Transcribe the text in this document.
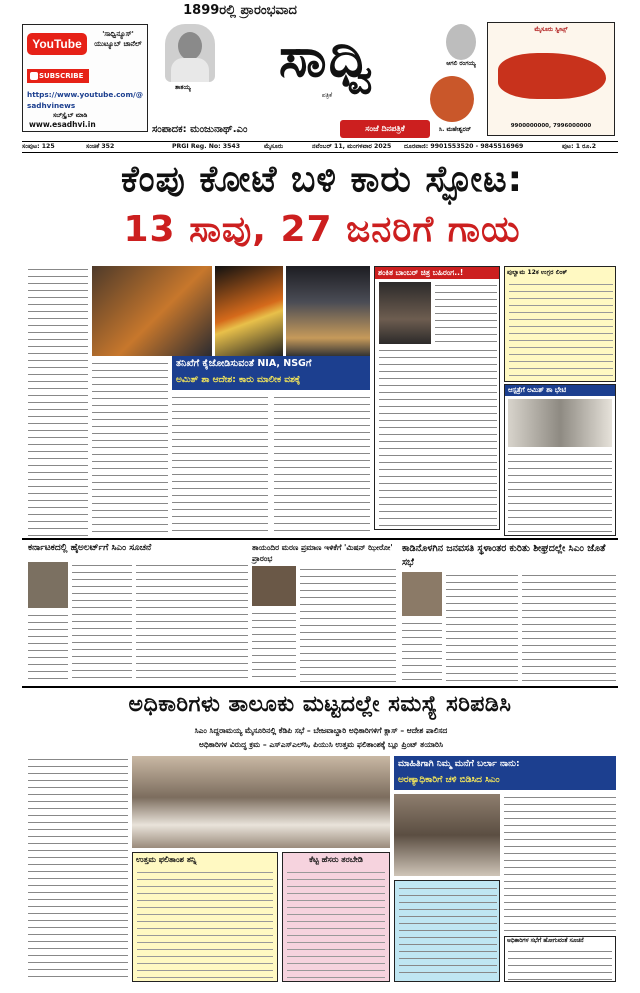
YouTube
'ಸಾಧ್ವಿನ್ಯೂಸ್' ಯುಟ್ಯೂಬ್ ಚಾನೆಲ್
SUBSCRIBE
https://www.youtube.com/@sadhvinews
ಸಬ್‍ಸ್ಕ್ರೈಬ್ ಮಾಡಿ
www.esadhvi.in
ತಾತಯ್ಯ
1899ರಲ್ಲಿ ಪ್ರಾರಂಭವಾದ
ಸಾಧ್ವಿ
ಪತ್ರಿಕೆ
ಆಗಲಿ ರಂಗಯ್ಯ
ಸಿ. ಮಹೇಶ್ವರನ್
ಮೈಸೂರು ಸ್ವೀಟ್ಸ್
9900000000, 7996000000
ಸಂಪಾದಕ: ಮಂಜುನಾಥ್.ಎಂ	ಸಂಜೆ ದಿನಪತ್ರಿಕೆ
ಸಂಪುಟ: 125	ಸಂಚಿಕೆ 352	PRGI Reg. No: 3543	ಮೈಸೂರು	ನವೆಂಬರ್ 11, ಮಂಗಳವಾರ 2025 ದೂರವಾಣಿ: 9901553520 - 9845516969	ಪುಟ: 1 ರೂ.2
ಕೆಂಪು ಕೋಟೆ ಬಳಿ ಕಾರು ಸ್ಫೋಟ:
13 ಸಾವು, 27 ಜನರಿಗೆ ಗಾಯ
ತನಿಖೆಗೆ ಕೈಜೋಡಿಸುವಂತೆ NIA, NSGಗೆ
ಅಮಿತ್ ಶಾ ಆದೇಶ: ಕಾರು ಮಾಲೀಕ ವಶಕ್ಕೆ
ಶಂಕಿತ ಬಾಂಬರ್ ಚಿತ್ರ ಬಹಿರಂಗ..!	ಪುಲ್ವಾಮ 12ಕ ಉಗ್ರರ ಲಿಂಕ್
ಆಸ್ಪತ್ರೆಗೆ ಅಮಿತ್ ಶಾ ಭೇಟಿ
ಕರ್ನಾಟಕದಲ್ಲಿ ಹೈಅಲರ್ಟ್‍ಗೆ ಸಿಎಂ ಸೂಚನೆ	ತಾಯಂದಿರ ಮರಣ ಪ್ರಮಾಣ ಇಳಿಕೆಗೆ 'ಮಿಷನ್ ಝೀರೋ' ಪ್ರಾರಂಭ
ಕಾಡಿನೊಳಗಿನ ಜನವಸತಿ ಸ್ಥಳಾಂತರ ಕುರಿತು ಶೀಘ್ರದಲ್ಲೇ ಸಿಎಂ ಜೊತೆ ಸಭೆ
ಅಧಿಕಾರಿಗಳು ತಾಲೂಕು ಮಟ್ಟದಲ್ಲೇ ಸಮಸ್ಯೆ ಸರಿಪಡಿಸಿ
ಸಿಎಂ ಸಿದ್ದರಾಮಯ್ಯ ಮೈಸೂರಿನಲ್ಲಿ ಕೆಡಿಪಿ ಸಭೆ – ಬೇಜವಾಬ್ದಾರಿ ಅಧಿಕಾರಿಗಳಿಗೆ ಕ್ಲಾಸ್ – ಆದೇಶ ಪಾಲಿಸದ
ಅಧಿಕಾರಿಗಳ ವಿರುದ್ಧ ಕ್ರಮ – ಎಸ್‍ಎಸ್‍ಎಲ್‍ಸಿ, ಪಿಯುಸಿ ಉತ್ತಮ ಫಲಿತಾಂಶಕ್ಕೆ ಬ್ಲೂ ಪ್ರಿಂಟ್ ತಯಾರಿಸಿ
ಉತ್ತಮ ಫಲಿತಾಂಶ ತನ್ನಿ	ಕೆಟ್ಟ ಹೆಸರು ತರಬೇಡಿ
ಮಾಹಿತಿಗಾಗಿ ನಿಮ್ಮ ಮನೆಗೆ ಬರ್ಲಾ ನಾನು:
ಅರಣ್ಯಾಧಿಕಾರಿಗೆ ಚಳಿ ಬಿಡಿಸಿದ ಸಿಎಂ
ಅಧಿಕಾರಿಗಳ ಸಭೆಗೆ ಹೋಗುವಂತೆ ಸೂಚನೆ
